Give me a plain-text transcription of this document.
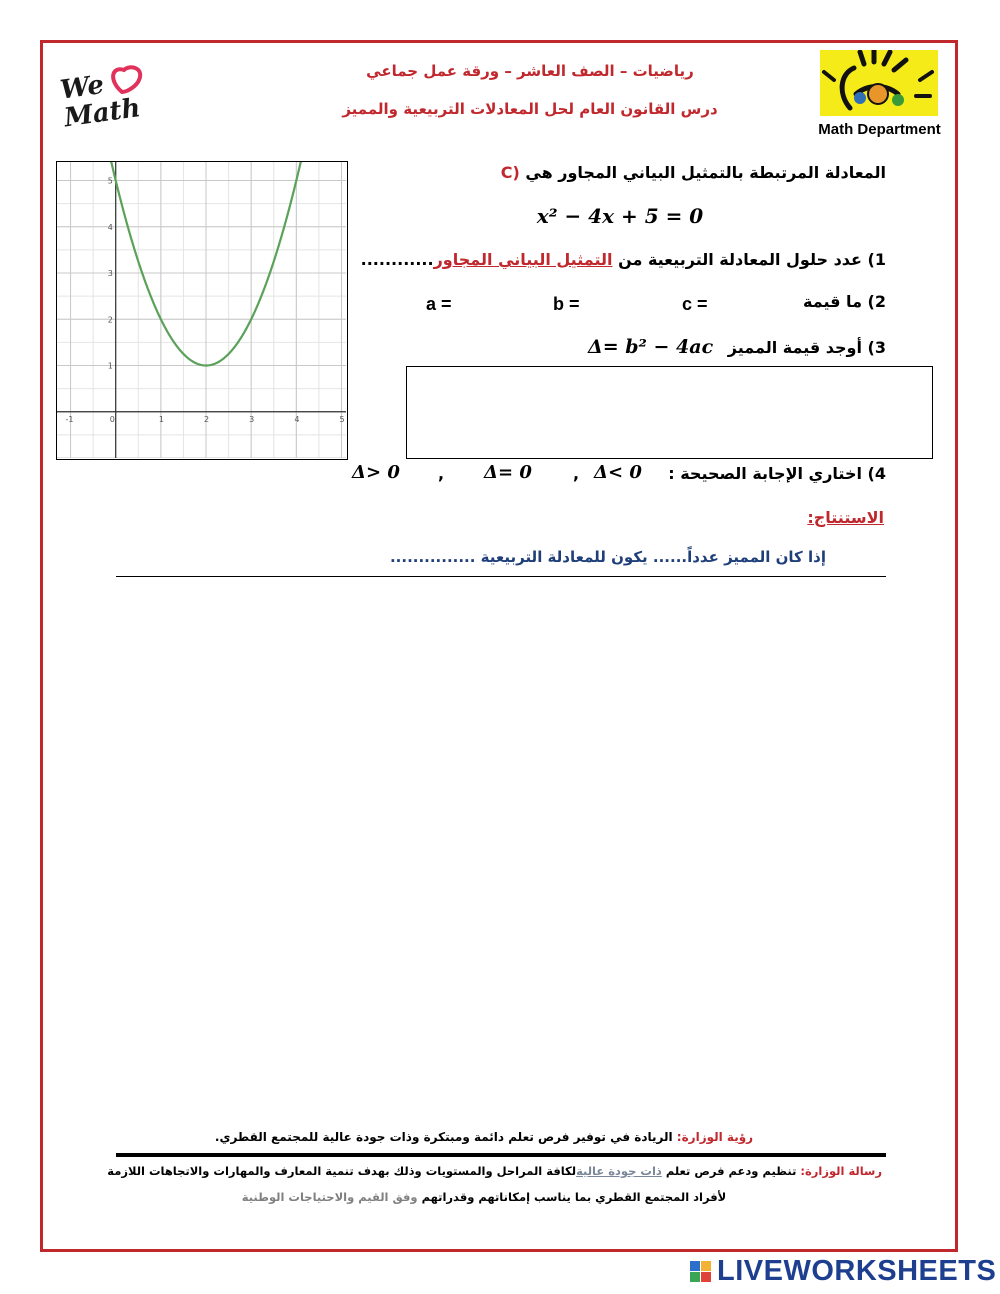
We Math
رياضيات – الصف العاشر – ورقة عمل جماعي
درس القانون العام لحل المعادلات التربيعية والمميز
Math Department
-1	0	1	2	3	4	5
1
2
3
4
5	C) المعادلة المرتبطة بالتمثيل البياني المجاور هي
x² − 4x + 5 = 0
1) عدد حلول المعادلة التربيعية من التمثيل البياني المجاور............
2) ما قيمة
c =
b =
a =
3) أوجد قيمة المميز
Δ= b² − 4ac
4) اختاري الإجابة الصحيحة :
Δ< 0
,
Δ= 0
,
Δ> 0
الاستنتاج:
إذا كان المميز عدداً...... يكون للمعادلة التربيعية ...............
رؤية الوزارة: الريادة في توفير فرص تعلم دائمة ومبتكرة وذات جودة عالية للمجتمع القطري.
رسالة الوزارة: تنظيم ودعم فرص تعلم ذات جودة عاليةلكافة المراحل والمستويات وذلك بهدف تنمية المعارف والمهارات والاتجاهات اللازمة
لأفراد المجتمع القطري بما يناسب إمكاناتهم وقدراتهم وفق القيم والاحتياجات الوطنية
LIVEWORKSHEETS
